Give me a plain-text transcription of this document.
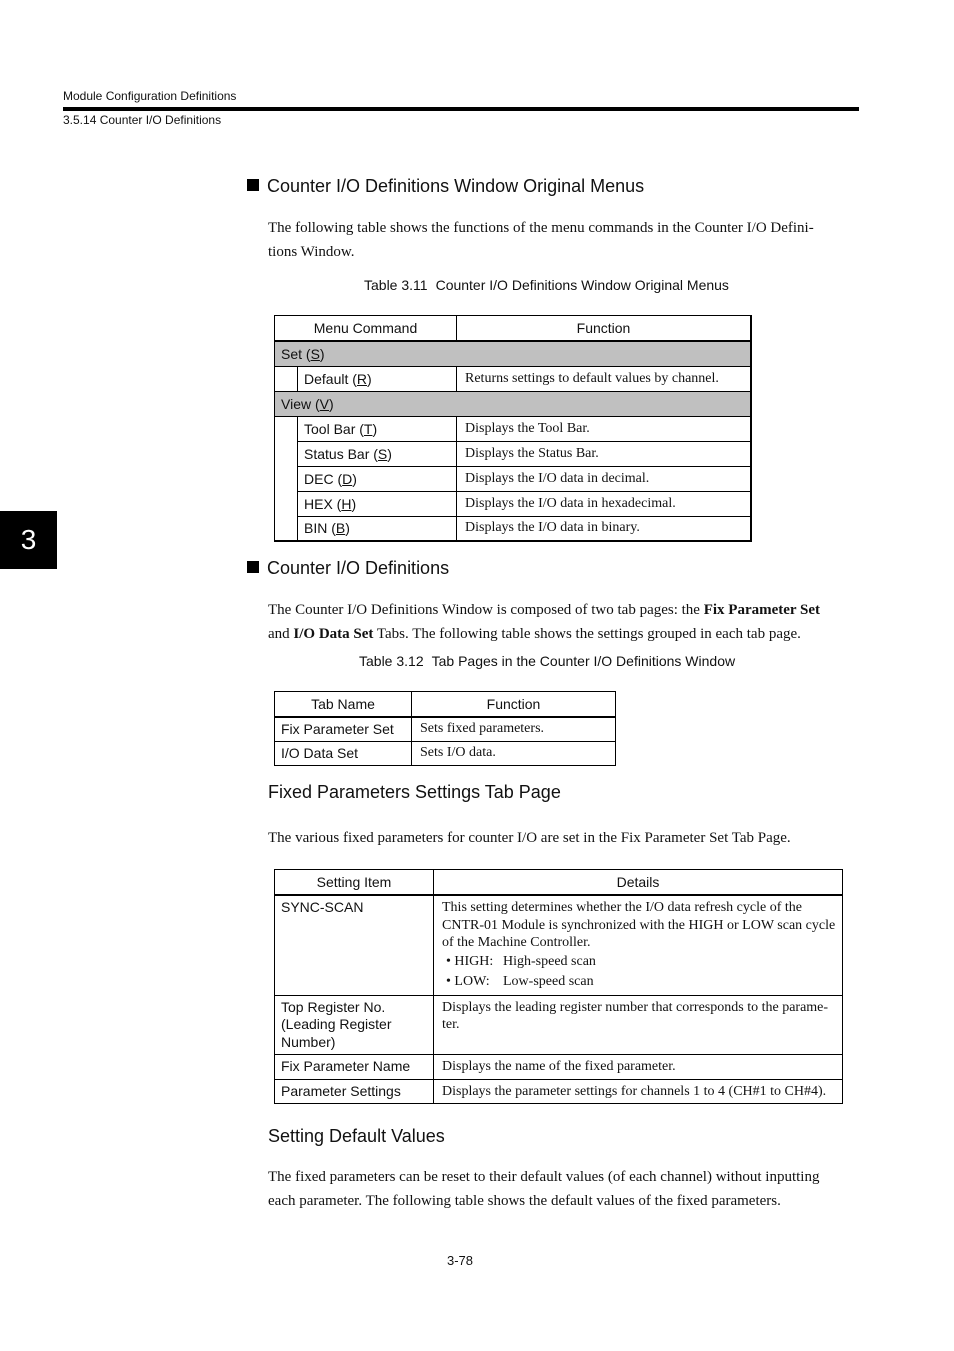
Module Configuration Definitions
3.5.14 Counter I/O Definitions
3
Counter I/O Definitions Window Original Menus
The following table shows the functions of the menu commands in the Counter I/O Defini-
tions Window.
Table 3.11 Counter I/O Definitions Window Original Menus
Menu Command		Function
Set (S)		
	Default (R)	Returns settings to default values by channel.
View (V)		
	Tool Bar (T)	Displays the Tool Bar.
	Status Bar (S)	Displays the Status Bar.
	DEC (D)	Displays the I/O data in decimal.
	HEX (H)	Displays the I/O data in hexadecimal.
	BIN (B)	Displays the I/O data in binary.
Counter I/O Definitions
The Counter I/O Definitions Window is composed of two tab pages: the Fix Parameter Set
and I/O Data Set Tabs. The following table shows the settings grouped in each tab page.
Table 3.12 Tab Pages in the Counter I/O Definitions Window
Tab Name	Function
Fix Parameter Set	Sets fixed parameters.
I/O Data Set	Sets I/O data.
Fixed Parameters Settings Tab Page
The various fixed parameters for counter I/O are set in the Fix Parameter Set Tab Page.
Setting Item	Details
SYNC-SCAN	This setting determines whether the I/O data refresh cycle of the CNTR-01 Module is synchronized with the HIGH or LOW scan cycle of the Machine Controller.
• HIGH: High-speed scan
• LOW: Low-speed scan

Top Register No.
(Leading Register
Number)	Displays the leading register number that corresponds to the parame-ter.
Fix Parameter Name	Displays the name of the fixed parameter.
Parameter Settings	Displays the parameter settings for channels 1 to 4 (CH#1 to CH#4).
Setting Default Values
The fixed parameters can be reset to their default values (of each channel) without inputting
each parameter. The following table shows the default values of the fixed parameters.
3-78
